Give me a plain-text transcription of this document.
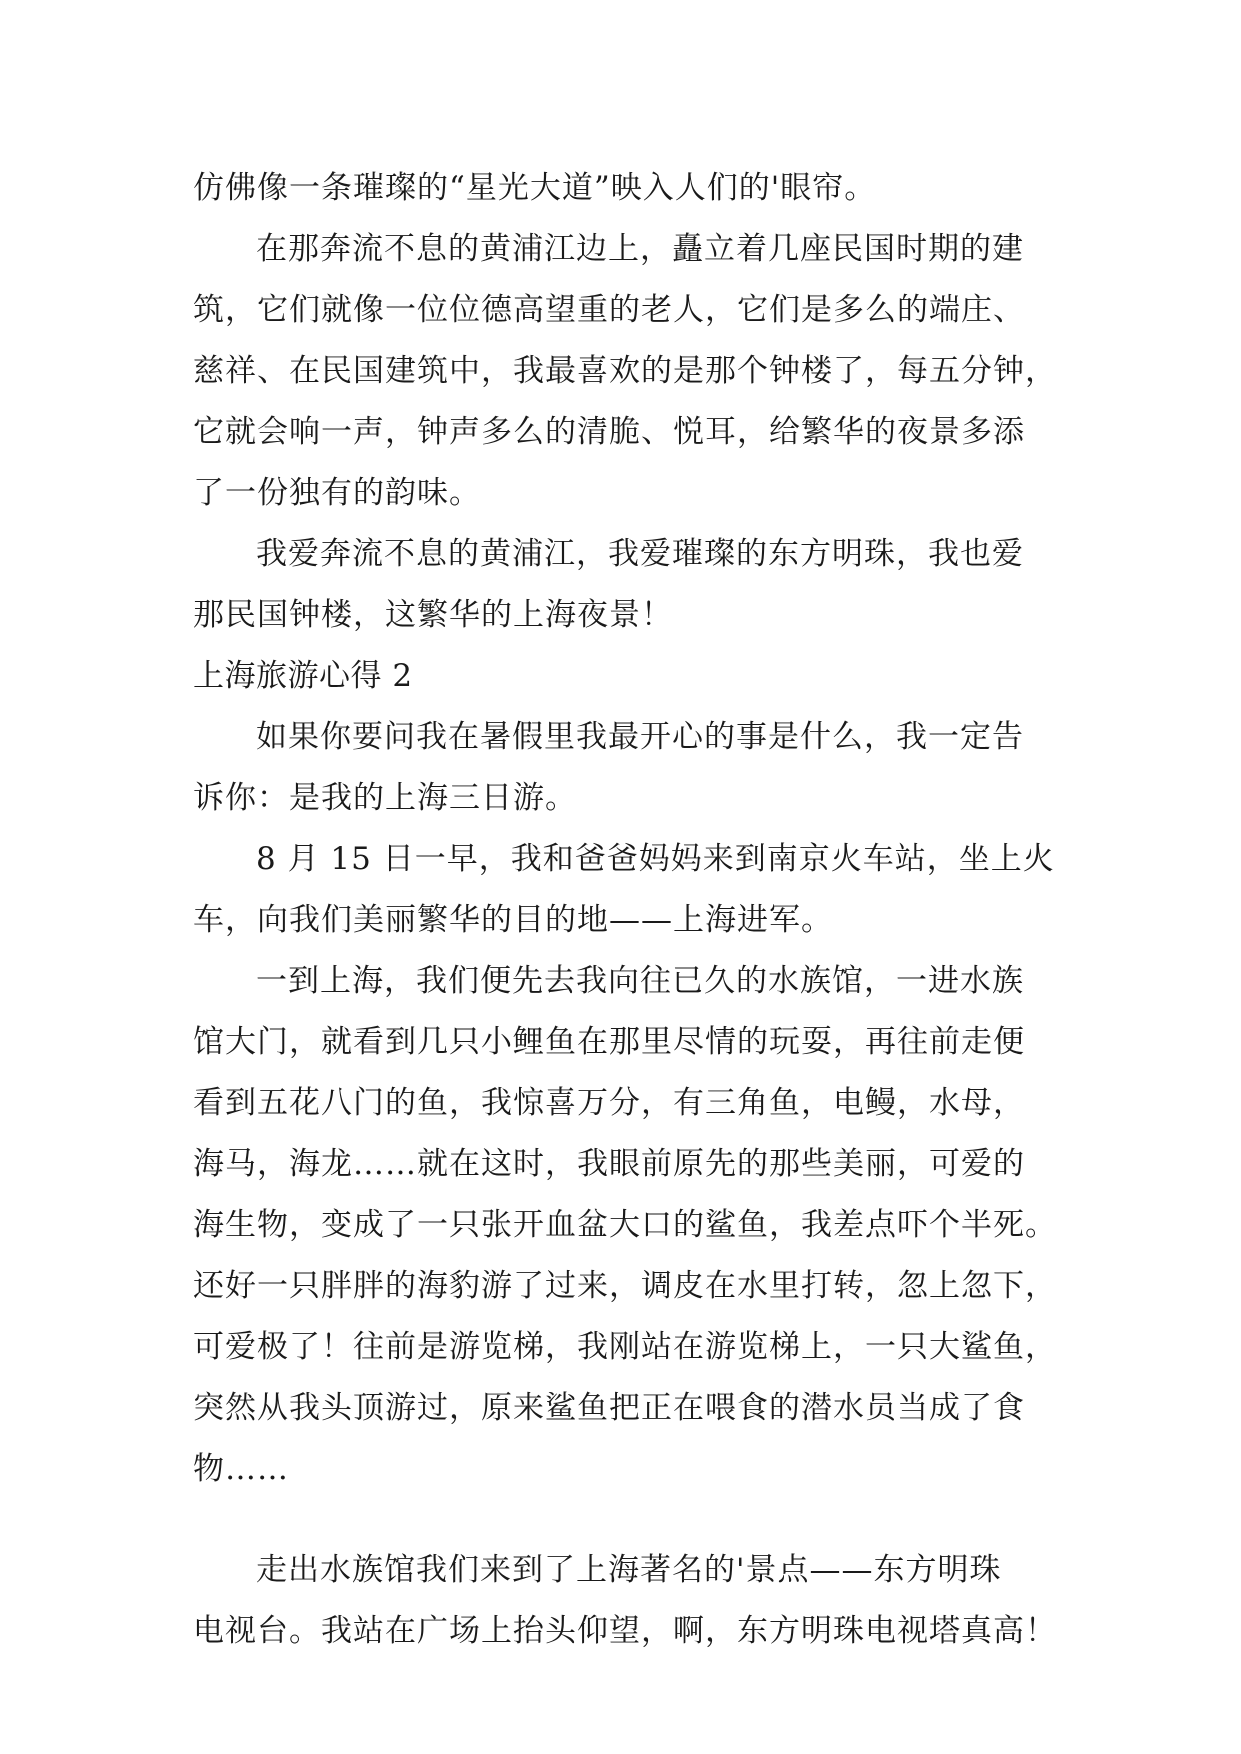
仿佛像一条璀璨的“星光大道”映入人们的'眼帘。
在那奔流不息的黄浦江边上，矗立着几座民国时期的建
筑，它们就像一位位德高望重的老人，它们是多么的端庄、
慈祥、在民国建筑中，我最喜欢的是那个钟楼了，每五分钟，
它就会响一声，钟声多么的清脆、悦耳，给繁华的夜景多添
了一份独有的韵味。
我爱奔流不息的黄浦江，我爱璀璨的东方明珠，我也爱
那民国钟楼，这繁华的上海夜景！
上海旅游心得 2
如果你要问我在暑假里我最开心的事是什么，我一定告
诉你：是我的上海三日游。
8 月 15 日一早，我和爸爸妈妈来到南京火车站，坐上火
车，向我们美丽繁华的目的地——上海进军。
一到上海，我们便先去我向往已久的水族馆，一进水族
馆大门，就看到几只小鲤鱼在那里尽情的玩耍，再往前走便
看到五花八门的鱼，我惊喜万分，有三角鱼，电鳗，水母，
海马，海龙……就在这时，我眼前原先的那些美丽，可爱的
海生物，变成了一只张开血盆大口的鲨鱼，我差点吓个半死。
还好一只胖胖的海豹游了过来，调皮在水里打转，忽上忽下，
可爱极了！往前是游览梯，我刚站在游览梯上，一只大鲨鱼，
突然从我头顶游过，原来鲨鱼把正在喂食的潜水员当成了食
物……
走出水族馆我们来到了上海著名的'景点——东方明珠
电视台。我站在广场上抬头仰望，啊，东方明珠电视塔真高！
